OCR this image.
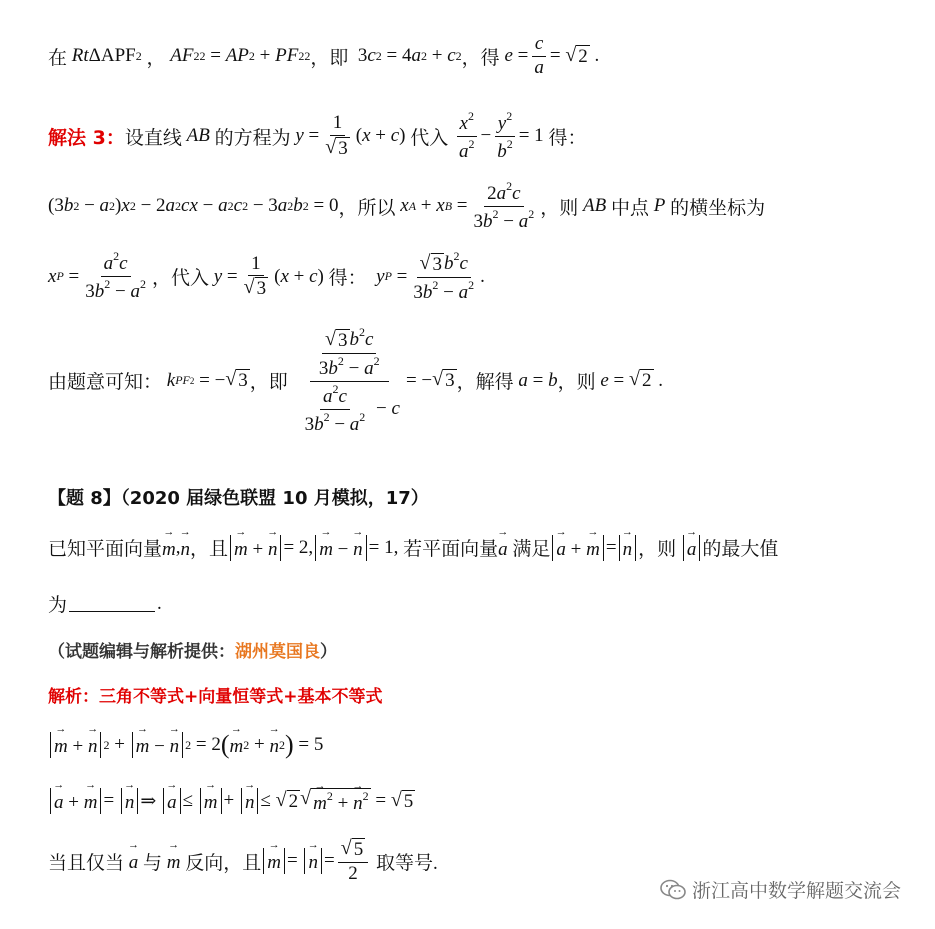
在
Rt ΔAPF 2 ， AF 2 2 = AP 2 + PF 2 2 ，即 3 c 2 = 4 a 2 + c 2 ，得
$e = \frac{c}{a}$ = √ 2 .
解法 3： 设直线
AB
的方程为
$y = \frac{1}{√ 3}$ ( x + c ) 代入
$\frac{x^2}{a^2} - \frac{y^2}{b^2} = 1$ 得：
(3 b 2 − a 2 ) x 2 − 2 a 2 cx − a 2 c 2 − 3 a 2 b 2 = 0 ，所以
x A + x $B = \frac{2a^2c}{3b^2 - a^2}$ ，则
AB
中点
P
的横坐标为
x $P = \frac{a^2c}{3b^2 - a^2}$ ，代入
$y = \frac{1}{√ 3}$ ( x + c ) 得：
y $P = \frac{√ 3 b^2c}{3b^2 - a^2}$ .
由题意可知：
k PF2 = − √ 3 ，即
$\frac{\frac{√ 3 b^2c}{3b^2 - a^2}}{\frac{a^2c}{3b^2 - a^2} - c}$ = − √ 3 ，解得
a = b ，则
e = √ 2 .
【题 8】（2020 届绿色联盟 10 月模拟，17）
已知平面向量 → m , → n ，且 → m + → n = 2, → m − → n = 1, 若平面向量 → a
满足 → a + → m = → n ，则
→ a 的最大值
为	.
（试题编辑与解析提供： 湖州莫国良 ）
解析：三角不等式+向量恒等式+基本不等式
→ m + → n 2 + → m − → n 2 = 2 ( → m 2 + → n 2 ) = 5
→ a + → m = → n ⇒ → a ≤ → m + → n ≤ √ 2 √ → $m^2$ + → $n^2$ = √ 5
当且仅当
→ a
与
→ m
反向，且 → m = → $n = \frac{√ 5}{2}$
取等号.
浙江高中数学解题交流会
